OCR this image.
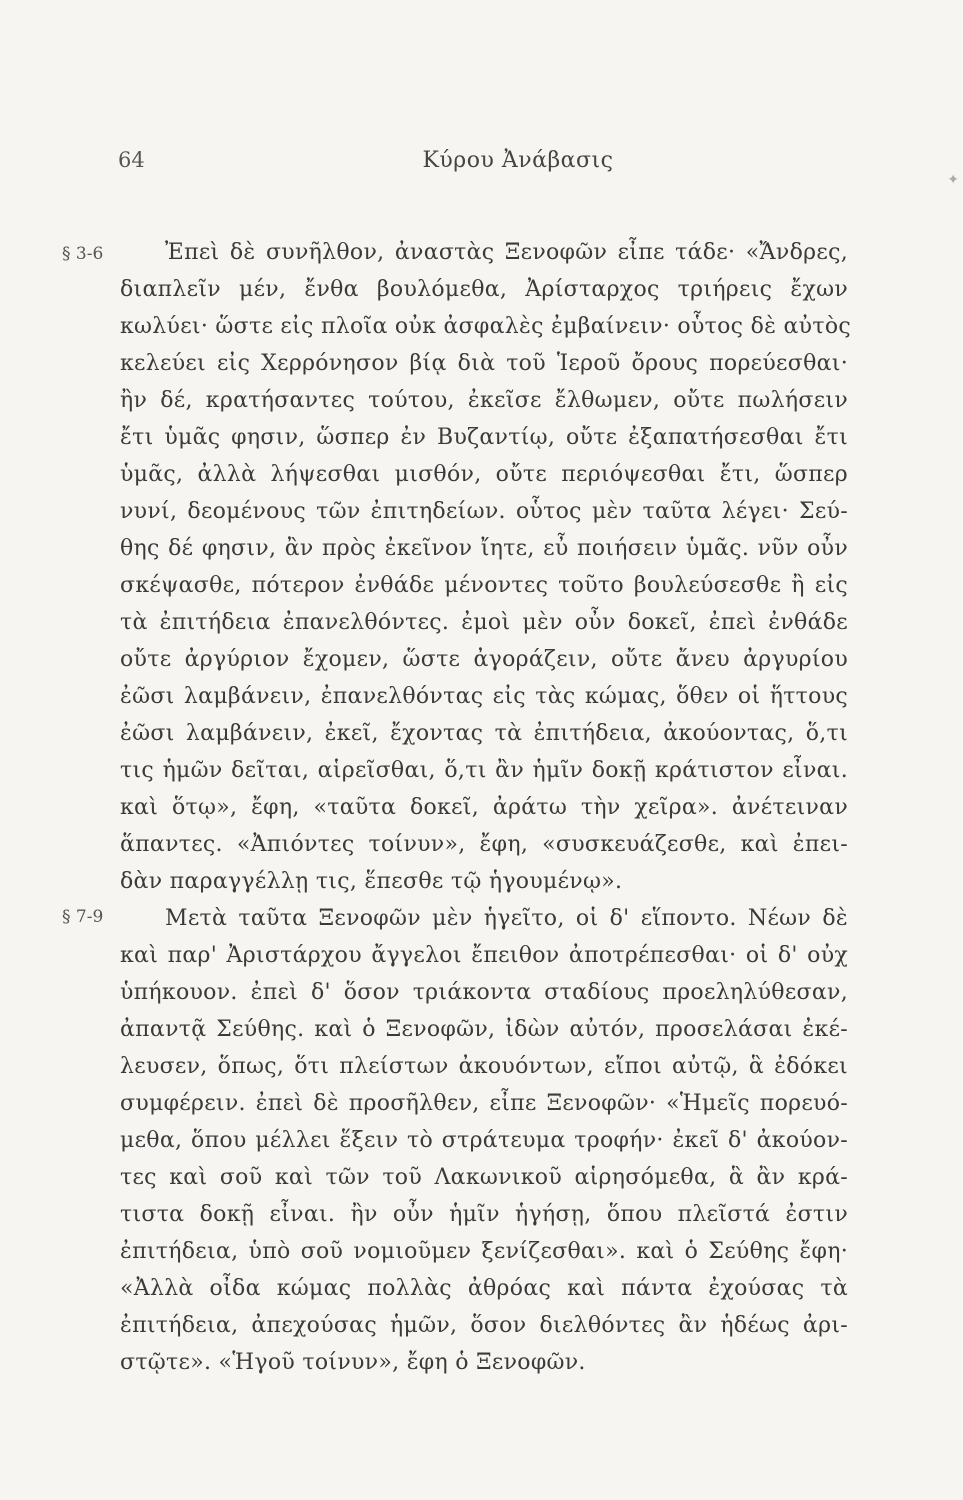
64	Κύρου Ἀνάβασις
§ 3-6
§ 7-9
Ἐπεὶ δὲ συνῆλθον, ἀναστὰς Ξενοφῶν εἶπε τάδε· «Ἄνδρες,
διαπλεῖν μέν, ἔνθα βουλόμεθα, Ἀρίσταρχος τριήρεις ἔχων
κωλύει· ὥστε εἰς πλοῖα οὐκ ἀσφαλὲς ἐμβαίνειν· οὗτος δὲ αὐτὸς
κελεύει εἰς Χερρόνησον βίᾳ διὰ τοῦ Ἱεροῦ ὄρους πορεύεσθαι·
ἢν δέ, κρατήσαντες τούτου, ἐκεῖσε ἔλθωμεν, οὔτε πωλήσειν
ἔτι ὑμᾶς φησιν, ὥσπερ ἐν Βυζαντίῳ, οὔτε ἐξαπατήσεσθαι ἔτι
ὑμᾶς, ἀλλὰ λήψεσθαι μισθόν, οὔτε περιόψεσθαι ἔτι, ὥσπερ
νυνί, δεομένους τῶν ἐπιτηδείων. οὗτος μὲν ταῦτα λέγει· Σεύ-
θης δέ φησιν, ἂν πρὸς ἐκεῖνον ἴητε, εὖ ποιήσειν ὑμᾶς. νῦν οὖν
σκέψασθε, πότερον ἐνθάδε μένοντες τοῦτο βουλεύσεσθε ἢ εἰς
τὰ ἐπιτήδεια ἐπανελθόντες. ἐμοὶ μὲν οὖν δοκεῖ, ἐπεὶ ἐνθάδε
οὔτε ἀργύριον ἔχομεν, ὥστε ἀγοράζειν, οὔτε ἄνευ ἀργυρίου
ἐῶσι λαμβάνειν, ἐπανελθόντας εἰς τὰς κώμας, ὅθεν οἱ ἥττους
ἐῶσι λαμβάνειν, ἐκεῖ, ἔχοντας τὰ ἐπιτήδεια, ἀκούοντας, ὅ,τι
τις ἡμῶν δεῖται, αἱρεῖσθαι, ὅ,τι ἂν ἡμῖν δοκῇ κράτιστον εἶναι.
καὶ ὅτῳ», ἔφη, «ταῦτα δοκεῖ, ἀράτω τὴν χεῖρα». ἀνέτειναν
ἅπαντες. «Ἀπιόντες τοίνυν», ἔφη, «συσκευάζεσθε, καὶ ἐπει-
δὰν παραγγέλλῃ τις, ἕπεσθε τῷ ἡγουμένῳ».
Μετὰ ταῦτα Ξενοφῶν μὲν ἡγεῖτο, οἱ δ' εἵποντο. Νέων δὲ
καὶ παρ' Ἀριστάρχου ἄγγελοι ἔπειθον ἀποτρέπεσθαι· οἱ δ' οὐχ
ὑπήκουον. ἐπεὶ δ' ὅσον τριάκοντα σταδίους προεληλύθεσαν,
ἀπαντᾷ Σεύθης. καὶ ὁ Ξενοφῶν, ἰδὼν αὐτόν, προσελάσαι ἐκέ-
λευσεν, ὅπως, ὅτι πλείστων ἀκουόντων, εἴποι αὐτῷ, ἃ ἐδόκει
συμφέρειν. ἐπεὶ δὲ προσῆλθεν, εἶπε Ξενοφῶν· «Ἡμεῖς πορευό-
μεθα, ὅπου μέλλει ἕξειν τὸ στράτευμα τροφήν· ἐκεῖ δ' ἀκούον-
τες καὶ σοῦ καὶ τῶν τοῦ Λακωνικοῦ αἱρησόμεθα, ἃ ἂν κρά-
τιστα δοκῇ εἶναι. ἢν οὖν ἡμῖν ἡγήσῃ, ὅπου πλεῖστά ἐστιν
ἐπιτήδεια, ὑπὸ σοῦ νομιοῦμεν ξενίζεσθαι». καὶ ὁ Σεύθης ἔφη·
«Ἀλλὰ οἶδα κώμας πολλὰς ἀθρόας καὶ πάντα ἐχούσας τὰ
ἐπιτήδεια, ἀπεχούσας ἡμῶν, ὅσον διελθόντες ἂν ἡδέως ἀρι-
στῷτε». «Ἡγοῦ τοίνυν», ἔφη ὁ Ξενοφῶν.
✦
